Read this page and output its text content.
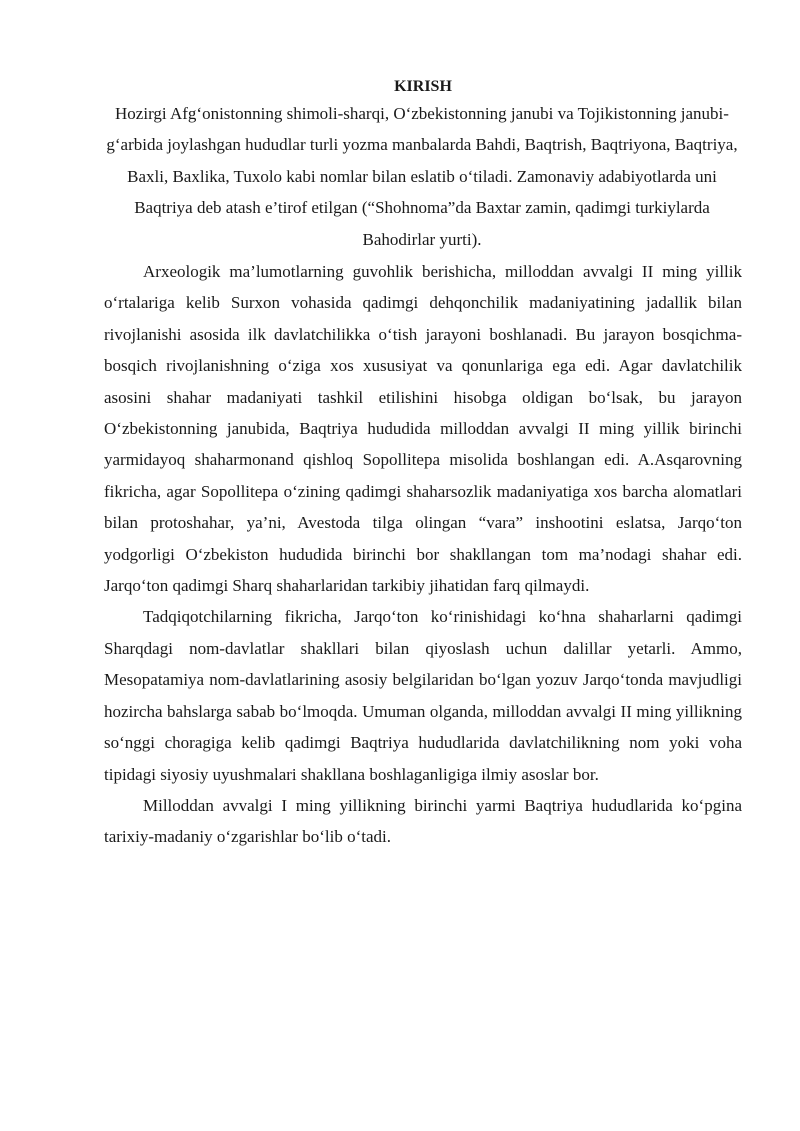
KIRISH

Hozirgi Afg‘onistonning shimoli-sharqi, O‘zbekistonning janubi va Tojikistonning janubi-g‘arbida joylashgan hududlar turli yozma manbalarda Bahdi, Baqtrish, Baqtriyona, Baqtriya, Baxli, Baxlika, Tuxolo kabi nomlar bilan eslatib o‘tiladi. Zamonaviy adabiyotlarda uni Baqtriya deb atash e’tirof etilgan (“Shohnoma”da Baxtar zamin, qadimgi turkiylarda Bahodirlar yurti).

Arxeologik ma’lumotlarning guvohlik berishicha, milloddan avvalgi II ming yillik o‘rtalariga kelib Surxon vohasida qadimgi dehqonchilik madaniyatining jadallik bilan rivojlanishi asosida ilk davlatchilikka o‘tish jarayoni boshlanadi. Bu jarayon bosqichma-bosqich rivojlanishning o‘ziga xos xususiyat va qonunlariga ega edi. Agar davlatchilik asosini shahar madaniyati tashkil etilishini hisobga oldigan bo‘lsak, bu jarayon O‘zbekistonning janubida, Baqtriya hududida milloddan avvalgi II ming yillik birinchi yarmidayoq shaharmonand qishloq Sopollitepa misolida boshlangan edi. A.Asqarovning fikricha, agar Sopollitepa o‘zining qadimgi shaharsozlik madaniyatiga xos barcha alomatlari bilan protoshahar, ya’ni, Avestoda tilga olingan “vara” inshootini eslatsa, Jarqo‘ton yodgorligi O‘zbekiston hududida birinchi bor shakllangan tom ma’nodagi shahar edi. Jarqo‘ton qadimgi Sharq shaharlaridan tarkibiy jihatidan farq qilmaydi.

Tadqiqotchilarning fikricha, Jarqo‘ton ko‘rinishidagi ko‘hna shaharlarni qadimgi Sharqdagi nom-davlatlar shakllari bilan qiyoslash uchun dalillar yetarli. Ammo, Mesopatamiya nom-davlatlarining asosiy belgilaridan bo‘lgan yozuv Jarqo‘tonda mavjudligi hozircha bahslarga sabab bo‘lmoqda. Umuman olganda, milloddan avvalgi II ming yillikning so‘nggi choragiga kelib qadimgi Baqtriya hududlarida davlatchilikning nom yoki voha tipidagi siyosiy uyushmalari shakllana boshlaganligiga ilmiy asoslar bor.

Milloddan avvalgi I ming yillikning birinchi yarmi Baqtriya hududlarida ko‘pgina tarixiy-madaniy o‘zgarishlar bo‘lib o‘tadi.
